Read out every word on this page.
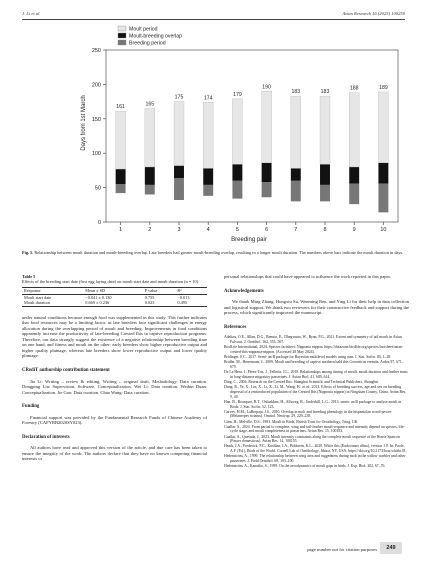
J. Li et al.	Avian Research 16 (2025) 100250
0
50
100
150
200
250
1	2	3	4	5	6	7	8	9	10
161	165
175	174
179
190
183	183
188	189
Moult period
Moult-breeding overlap
Breeding period
Days from 1st March
Breeding pair
Fig. 5. Relationship between moult duration and moult-breeding overlap. Late breeders had greater moult-breeding overlap, resulting in a longer moult duration. The numbers above bars indicate the moult duration in days.
Table 5
Effects of the breeding start date (first egg laying date) on moult start date and moult duration (n = 10).
Response	Mean ± SD	P value	R²
Moult start date	−0.041 ± 0.130	0.755	−0.013
Moult duration	0.669 ± 0.236	0.023	0.495

under natural conditions because enough food was supplemented in this study. This further indicates that food resources may be a limiting factor, as late breeders face significant challenges in energy allocation during the overlapping period of moult and breeding. Improvements in food conditions apparently increase the productivity of late-breeding Crested Ibis in captive reproduction programs. Therefore, our data strongly suggest the existence of a negative relationship between breeding time on one hand, and fitness and moult on the other: early breeders show higher reproductive output and higher quality plumage, whereas late breeders show lower reproductive output and lower quality plumage.

CRediT authorship contribution statement

Jia Li: Writing – review & editing, Writing – original draft, Methodology, Data curation. Dongping Liu: Supervision, Software, Conceptualization. Wei Li: Data curation. Weibin Duan: Conceptualization. Jie Gao: Data curation. Chao Wang: Data curation.

Funding

Financial support was provided by the Fundamental Research Funds of Chinese Academy of Forestry (CAFYBB2020SY023).

Declaration of interests

All authors have read and approved this version of the article, and due care has been taken to ensure the integrity of the work. The authors declare that they have no known competing financial interests or

personal relationships that could have appeared to influence the work reported in this paper.

Acknowledgements

We thank Ming Zhang, Hongxiu Su, Wenming Ren, and Ying Li for their help in data collection and logistical support. We thank two reviewers for their constructive feedback and support during the process, which significantly improved the manuscript.

References
Adelizu, O.E., Allan, D.G., Benuto, E., Dhegwuna, W., Ryan, P.G., 2021. Extent and symmetry of tail moult in Asian Fulvous. J. Ornithol. 162, 555–567.
BirdLife International, 2024. Species factsheet: Nipponia nippon. https://datazone.birdlife.org/species/factsheet/asian-crested-ibis-nipponia-nippon. (Accessed 28 May 2024).
Bridinger, F.C., 2017. Semi- an B package for Bayesian multilevel models using stan. J. Stat. Softw. 80, 1–28.
Bridhe, M., Herremans, J., 2009. Moult and breeding of captive northern bald ibis Geronticus eremita. Ardea 97, 671–679.
De La Hera, I., Pérez-Tris, J., Tellería, J.L., 2010. Relationships among timing of moult, moult duration and feather mass in long-distance migratory passerines. J. Avian Biol. 41, 609–614.
Ding, C., 2004. Research on the Crested Ibis. Shanghai Scientific and Technical Publishers, Shanghai.
Dong, R., Ye, X., Lin, X., Li, X., Li, M., Wang, H., et al., 2013. Effects of breeding success, age and sex on breeding dispersal of a reintroduced population of the Crested Ibis (Nipponia nippon) in Ningshan County, China. Avian Res. 9, 40.
Han, B., Bousquet, B.T., Ostbakken, H., Allsweg, R., Underhill, L.G., 2013. smatr: an R package to analyse moult in Birds. J. Stat. Softw. 52, 123.
Garvey, H.M., LaBrepaja, J.S., 2010. Overlap in molt and breeding phenology in the hispaniolan wood-pewee (Melanerpes striatus). Ornitol. Neotrop. 29, 229–238.
Ginn, H., Melville, D.S., 1983. Moult in Birds. British Trust for Ornithology, Tring, UK.
Guallar, S., 2024. From partial to complete: wing and tail-feather moult sequence and intensity depend on species, life-cycle stage, and moult completeness in passerines. Avian Res. 15, 100183.
Guallar, S., Quesada, J., 2023. Moult intensity constraints along the complete moult sequence of the House Sparrow (Passer domesticus). Avian Res. 14, 100155.
Heath, J.A., Frederick, P.C., Kushlan, J.A., Bildstein, K.L., 2020. White ibis (Eudocimus albus), version 1.0. In: Poole, A.F. (Ed.), Birds of the World. Cornell Lab of Ornithology, Ithaca, NY, USA. https://doi.org/10.2173/bow.whiibi.01.
Hedenström, A., 1999. The relationship between wing area and ruggedness during molt in the willow warbler and other passerines. J. Field Ornithol. 69, 103–100.
Hedenström, A., Kanuika, S., 1999. On the aerodynamics of moult gaps in birds. J. Exp. Biol. 202, 67–76.
page number not for citation purposes	249
